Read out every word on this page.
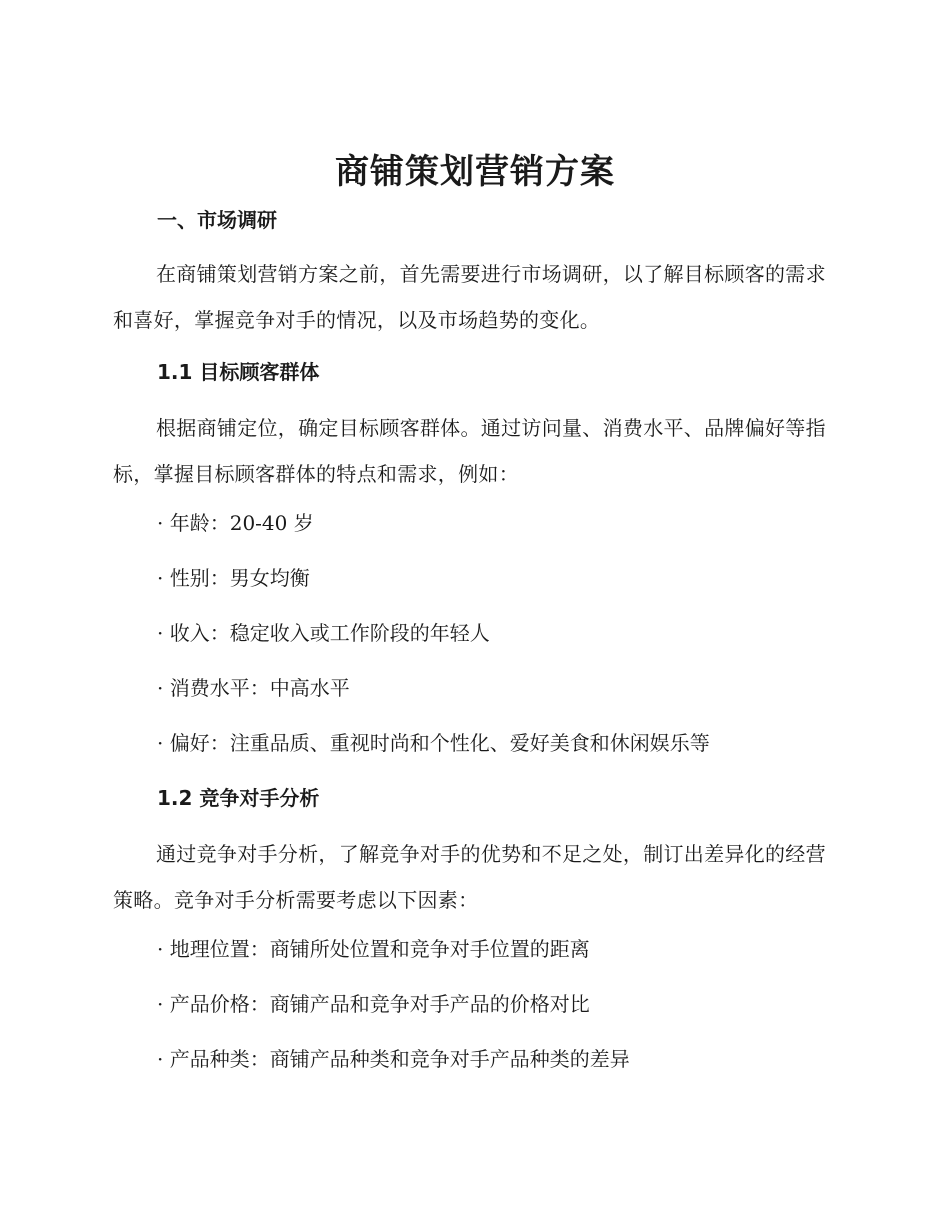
商铺策划营销方案
一、市场调研

在商铺策划营销方案之前，首先需要进行市场调研，以了解目标顾客的需求和喜好，掌握竞争对手的情况，以及市场趋势的变化。

1.1 目标顾客群体

根据商铺定位，确定目标顾客群体。通过访问量、消费水平、品牌偏好等指标，掌握目标顾客群体的特点和需求，例如：

· 年龄：20-40 岁

· 性别：男女均衡

· 收入：稳定收入或工作阶段的年轻人

· 消费水平：中高水平

· 偏好：注重品质、重视时尚和个性化、爱好美食和休闲娱乐等

1.2 竞争对手分析

通过竞争对手分析，了解竞争对手的优势和不足之处，制订出差异化的经营策略。竞争对手分析需要考虑以下因素：

· 地理位置：商铺所处位置和竞争对手位置的距离

· 产品价格：商铺产品和竞争对手产品的价格对比

· 产品种类：商铺产品种类和竞争对手产品种类的差异
